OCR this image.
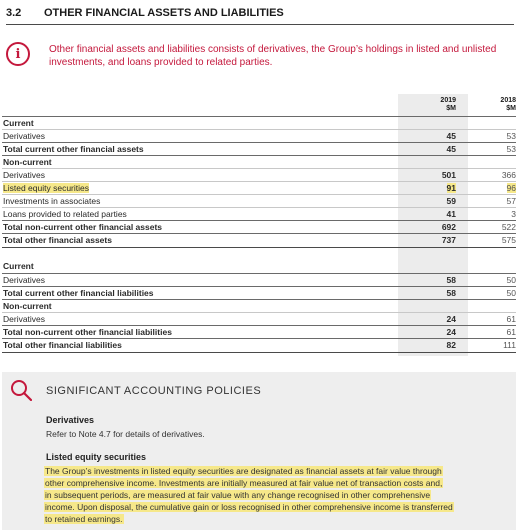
3.2 OTHER FINANCIAL ASSETS AND LIABILITIES
i	Other financial assets and liabilities consists of derivatives, the Group’s holdings in listed and unlisted investments, and loans provided to related parties.
2019
$M
2018
$M
Current
Derivatives	45	53
Total current other financial assets	45	53
Non-current
Derivatives	501	366
Listed equity securities	91	96
Investments in associates	59	57
Loans provided to related parties	41	3
Total non-current other financial assets	692	522
Total other financial assets	737	575
Current
Derivatives	58	50
Total current other financial liabilities	58	50
Non-current
Derivatives	24	61
Total non-current other financial liabilities	24	61
Total other financial liabilities	82	111
SIGNIFICANT ACCOUNTING POLICIES
Derivatives
Refer to Note 4.7 for details of derivatives.
Listed equity securities
The Group’s investments in listed equity securities are designated as financial assets at fair value through
other comprehensive income. Investments are initially measured at fair value net of transaction costs and,
in subsequent periods, are measured at fair value with any change recognised in other comprehensive
income. Upon disposal, the cumulative gain or loss recognised in other comprehensive income is transferred
to retained earnings.
